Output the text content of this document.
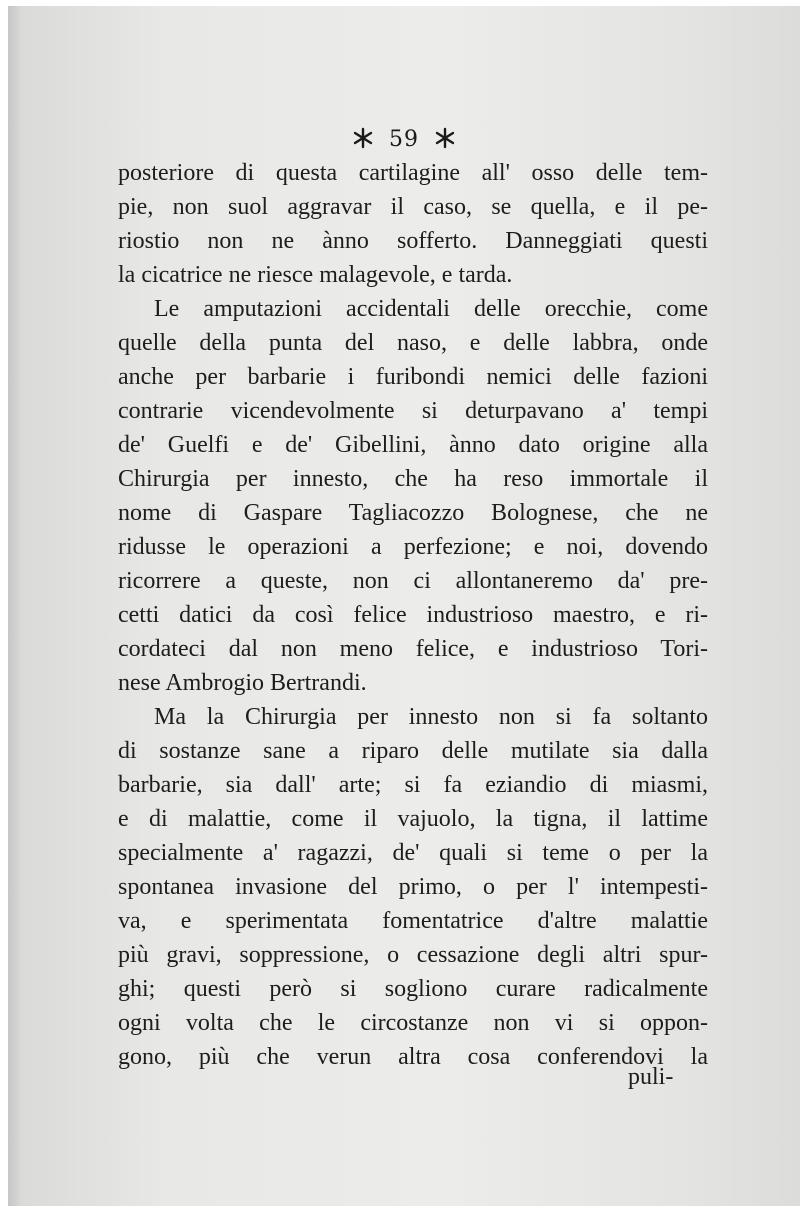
59
posteriore di questa cartilagine all' osso delle tem-
pie, non suol aggravar il caso, se quella, e il pe-
riostio non ne ànno sofferto. Danneggiati questi
la cicatrice ne riesce malagevole, e tarda.
Le amputazioni accidentali delle orecchie, come
quelle della punta del naso, e delle labbra, onde
anche per barbarie i furibondi nemici delle fazioni
contrarie vicendevolmente si deturpavano a' tempi
de' Guelfi e de' Gibellini, ànno dato origine alla
Chirurgia per innesto, che ha reso immortale il
nome di Gaspare Tagliacozzo Bolognese, che ne
ridusse le operazioni a perfezione; e noi, dovendo
ricorrere a queste, non ci allontaneremo da' pre-
cetti datici da così felice industrioso maestro, e ri-
cordateci dal non meno felice, e industrioso Tori-
nese Ambrogio Bertrandi.
Ma la Chirurgia per innesto non si fa soltanto
di sostanze sane a riparo delle mutilate sia dalla
barbarie, sia dall' arte; si fa eziandio di miasmi,
e di malattie, come il vajuolo, la tigna, il lattime
specialmente a' ragazzi, de' quali si teme o per la
spontanea invasione del primo, o per l' intempesti-
va, e sperimentata fomentatrice d'altre malattie
più gravi, soppressione, o cessazione degli altri spur-
ghi; questi però si sogliono curare radicalmente
ogni volta che le circostanze non vi si oppon-
gono, più che verun altra cosa conferendovi la
puli-
